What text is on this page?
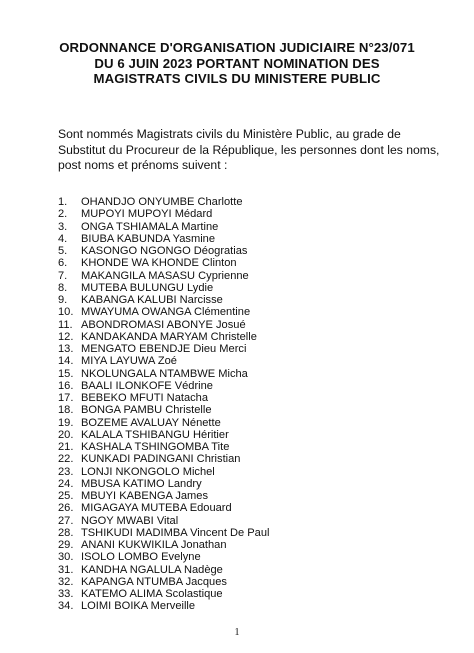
ORDONNANCE D'ORGANISATION JUDICIAIRE N°23/071
DU 6 JUIN 2023 PORTANT NOMINATION DES
MAGISTRATS CIVILS DU MINISTERE PUBLIC
Sont nommés Magistrats civils du Ministère Public, au grade de
Substitut du Procureur de la République, les personnes dont les noms,
post noms et prénoms suivent :
1. OHANDJO ONYUMBE Charlotte
2. MUPOYI MUPOYI Médard
3. ONGA TSHIAMALA Martine
4. BIUBA KABUNDA Yasmine
5. KASONGO NGONGO Déogratias
6. KHONDE WA KHONDE Clinton
7. MAKANGILA MASASU Cyprienne
8. MUTEBA BULUNGU Lydie
9. KABANGA KALUBI Narcisse
10. MWAYUMA OWANGA Clémentine
11. ABONDROMASI ABONYE Josué
12. KANDAKANDA MARYAM Christelle
13. MENGATO EBENDJE Dieu Merci
14. MIYA LAYUWA Zoé
15. NKOLUNGALA NTAMBWE Micha
16. BAALI ILONKOFE Védrine
17. BEBEKO MFUTI Natacha
18. BONGA PAMBU Christelle
19. BOZEME AVALUAY Nénette
20. KALALA TSHIBANGU Héritier
21. KASHALA TSHINGOMBA Tite
22. KUNKADI PADINGANI Christian
23. LONJI NKONGOLO Michel
24. MBUSA KATIMO Landry
25. MBUYI KABENGA James
26. MIGAGAYA MUTEBA Edouard
27. NGOY MWABI Vital
28. TSHIKUDI MADIMBA Vincent De Paul
29. ANANI KUKWIKILA Jonathan
30. ISOLO LOMBO Evelyne
31. KANDHA NGALULA Nadège
32. KAPANGA NTUMBA Jacques
33. KATEMO ALIMA Scolastique
34. LOIMI BOIKA Merveille
1
